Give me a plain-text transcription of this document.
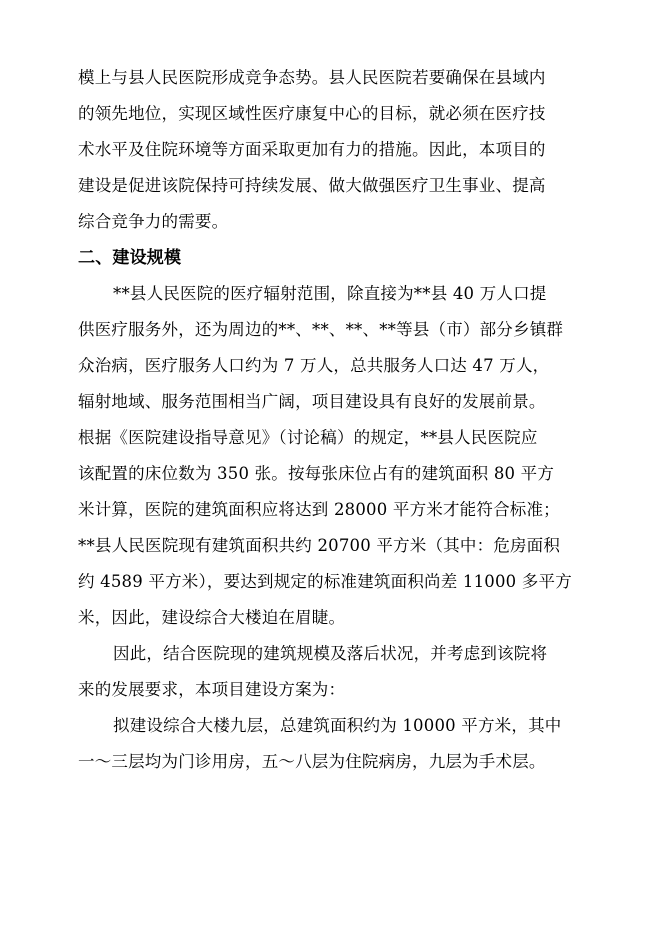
模上与县人民医院形成竞争态势。县人民医院若要确保在县域内
的领先地位，实现区域性医疗康复中心的目标，就必须在医疗技
术水平及住院环境等方面采取更加有力的措施。因此，本项目的
建设是促进该院保持可持续发展、做大做强医疗卫生事业、提高
综合竞争力的需要。
二、建设规模
**县人民医院的医疗辐射范围，除直接为**县 40 万人口提
供医疗服务外，还为周边的**、**、**、**等县（市）部分乡镇群
众治病，医疗服务人口约为 7 万人，总共服务人口达 47 万人，
辐射地域、服务范围相当广阔，项目建设具有良好的发展前景。
根据《医院建设指导意见》（讨论稿）的规定，**县人民医院应
该配置的床位数为 350 张。按每张床位占有的建筑面积 80 平方
米计算，医院的建筑面积应将达到 28000 平方米才能符合标准；
**县人民医院现有建筑面积共约 20700 平方米（其中：危房面积
约 4589 平方米），要达到规定的标准建筑面积尚差 11000 多平方
米，因此，建设综合大楼迫在眉睫。
因此，结合医院现的建筑规模及落后状况，并考虑到该院将
来的发展要求，本项目建设方案为：
拟建设综合大楼九层，总建筑面积约为 10000 平方米，其中
一～三层均为门诊用房，五～八层为住院病房，九层为手术层。
